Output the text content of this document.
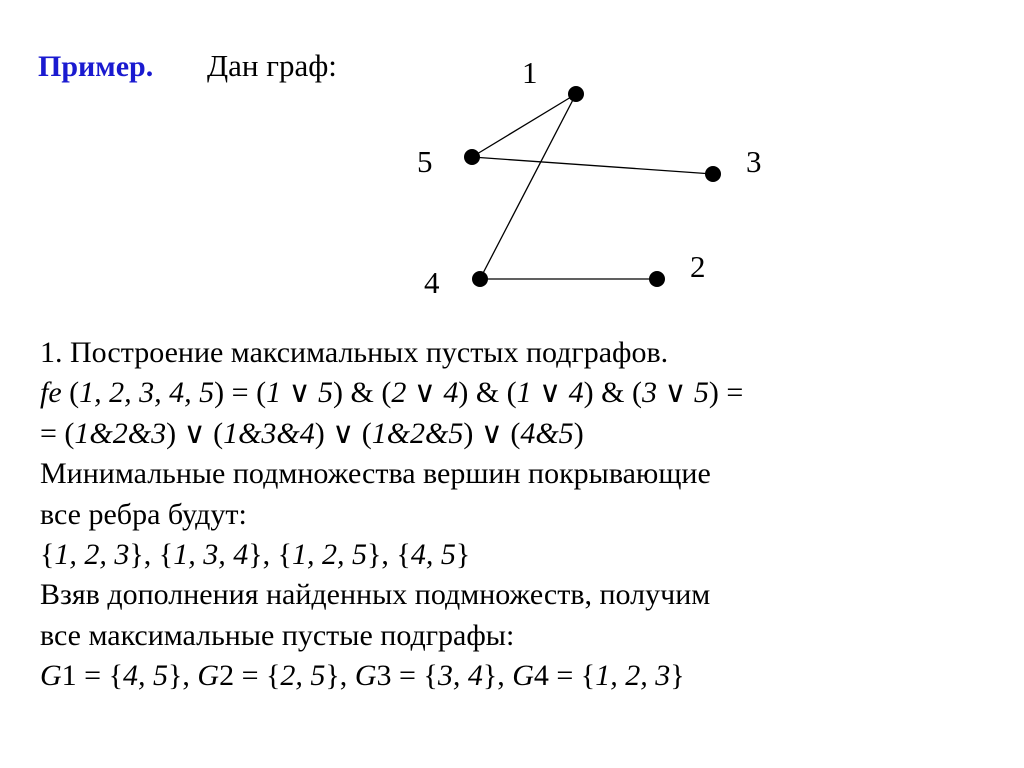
Пример. Дан граф:	1
5	3
4	2
1. Построение максимальных пустых подграфов.
fe (1, 2, 3, 4, 5) = (1 ∨ 5) & (2 ∨ 4) & (1 ∨ 4) & (3 ∨ 5) =
= (1&2&3) ∨ (1&3&4) ∨ (1&2&5) ∨ (4&5)
Минимальные подмножества вершин покрывающие
все ребра будут:
{1, 2, 3}, {1, 3, 4}, {1, 2, 5}, {4, 5}
Взяв дополнения найденных подмножеств, получим
все максимальные пустые подграфы:
G1 = {4, 5}, G2 = {2, 5}, G3 = {3, 4}, G4 = {1, 2, 3}
